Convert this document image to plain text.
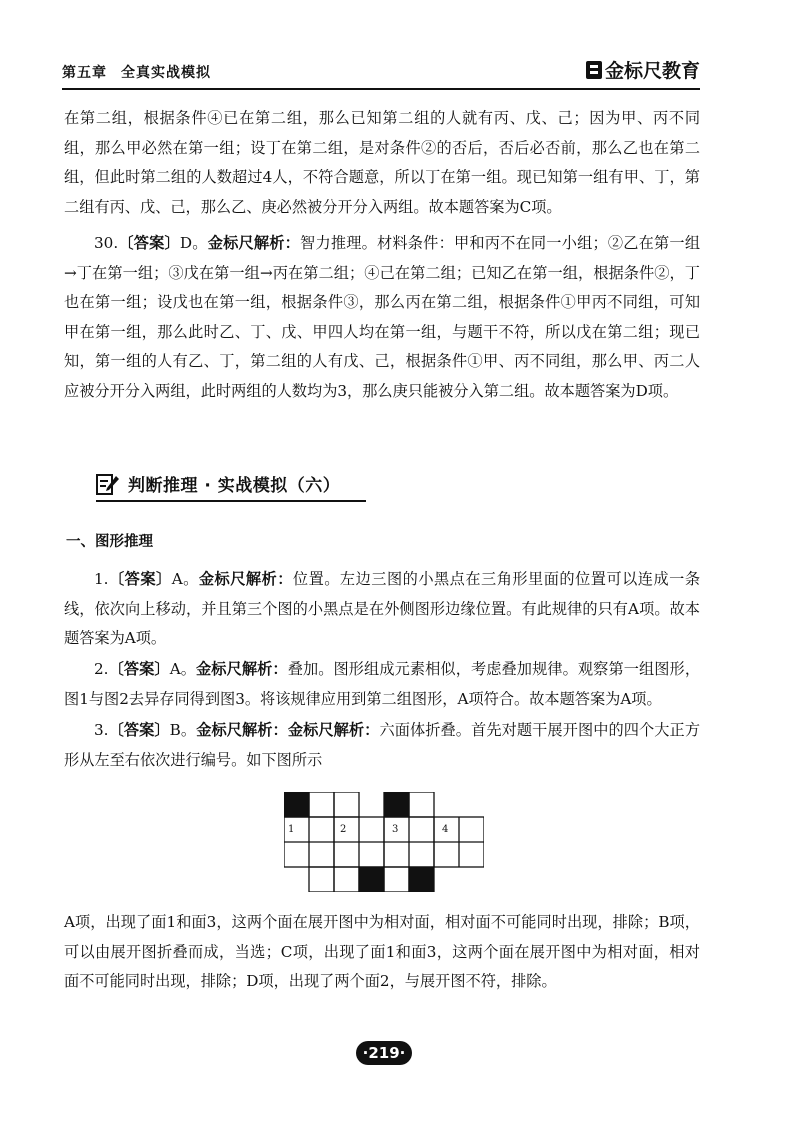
第五章 全真实战模拟	金标尺教育

在第二组，根据条件④已在第二组，那么已知第二组的人就有丙、戊、己；因为甲、丙不同组，那么甲必然在第一组；设丁在第二组，是对条件②的否后，否后必否前，那么乙也在第二组，但此时第二组的人数超过4人，不符合题意，所以丁在第一组。现已知第一组有甲、丁，第二组有丙、戊、己，那么乙、庚必然被分开分入两组。故本题答案为C项。

30.〔答案〕D。金标尺解析：智力推理。材料条件：甲和丙不在同一小组；②乙在第一组→丁在第一组；③戊在第一组→丙在第二组；④己在第二组；已知乙在第一组，根据条件②，丁也在第一组；设戊也在第一组，根据条件③，那么丙在第二组，根据条件①甲丙不同组，可知甲在第一组，那么此时乙、丁、戊、甲四人均在第一组，与题干不符，所以戊在第二组；现已知，第一组的人有乙、丁，第二组的人有戊、己，根据条件①甲、丙不同组，那么甲、丙二人应被分开分入两组，此时两组的人数均为3，那么庚只能被分入第二组。故本题答案为D项。

判断推理 · 实战模拟（六）
一、图形推理

1.〔答案〕A。金标尺解析：位置。左边三图的小黑点在三角形里面的位置可以连成一条线，依次向上移动，并且第三个图的小黑点是在外侧图形边缘位置。有此规律的只有A项。故本题答案为A项。

2.〔答案〕A。金标尺解析：叠加。图形组成元素相似，考虑叠加规律。观察第一组图形，图1与图2去异存同得到图3。将该规律应用到第二组图形，A项符合。故本题答案为A项。

3.〔答案〕B。金标尺解析：金标尺解析：六面体折叠。首先对题干展开图中的四个大正方形从左至右依次进行编号。如下图所示

1	2	3	4

A项，出现了面1和面3，这两个面在展开图中为相对面，相对面不可能同时出现，排除；B项，可以由展开图折叠而成，当选；C项，出现了面1和面3，这两个面在展开图中为相对面，相对面不可能同时出现，排除；D项，出现了两个面2，与展开图不符，排除。

·219·
